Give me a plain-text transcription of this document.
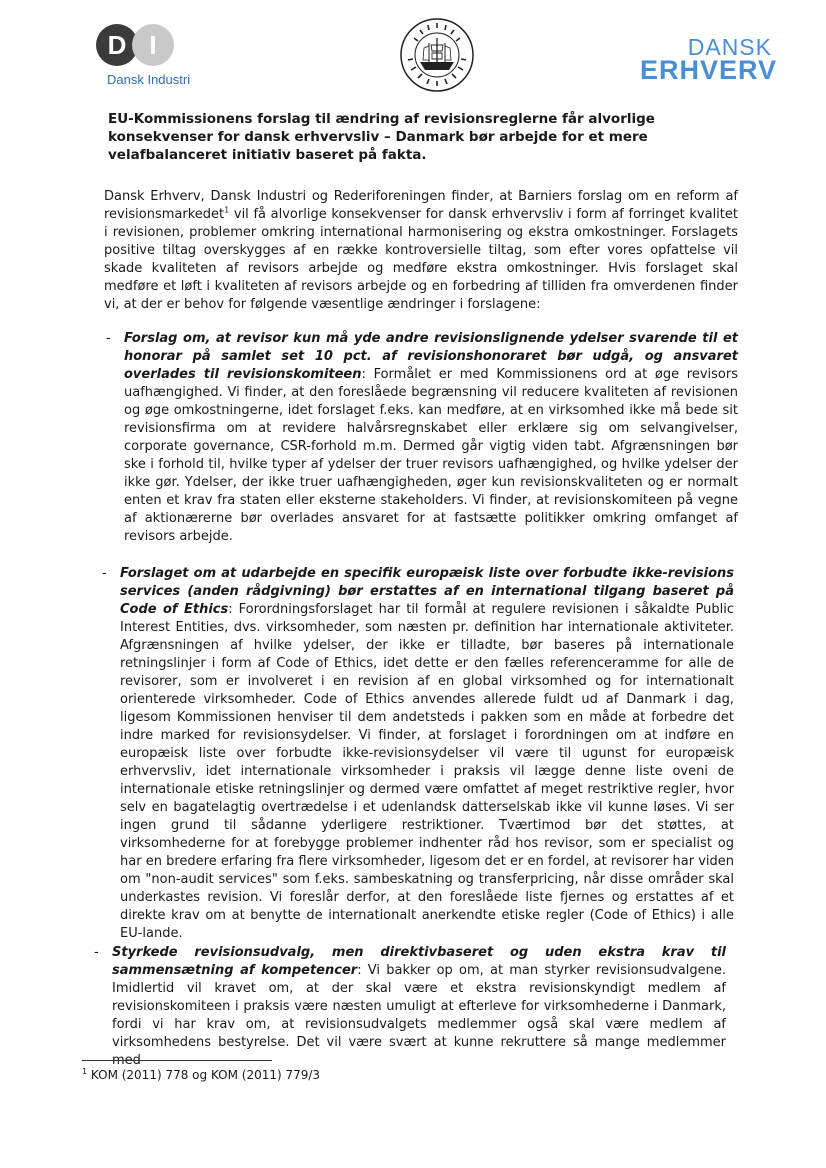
D I
Dansk Industri
DANSK
ERHVERV
EU-Kommissionens forslag til ændring af revisionsreglerne får alvorlige konsekvenser for dansk erhvervsliv – Danmark bør arbejde for et mere velafbalanceret initiativ baseret på fakta.
Dansk Erhverv, Dansk Industri og Rederiforeningen finder, at Barniers forslag om en reform af revisionsmarkedet$^1$ vil få alvorlige konsekvenser for dansk erhvervsliv i form af forringet kvalitet i revisionen, problemer omkring international harmonisering og ekstra omkostninger. Forslagets positive tiltag overskygges af en række kontroversielle tiltag, som efter vores opfattelse vil skade kvaliteten af revisors arbejde og medføre ekstra omkostninger. Hvis forslaget skal medføre et løft i kvaliteten af revisors arbejde og en forbedring af tilliden fra omverdenen finder vi, at der er behov for følgende væsentlige ændringer i forslagene:
- Forslag om, at revisor kun må yde andre revisionslignende ydelser svarende til et honorar på samlet set 10 pct. af revisionshonoraret bør udgå, og ansvaret overlades til revisionskomiteen: Formålet er med Kommissionens ord at øge revisors uafhængighed. Vi finder, at den foreslåede begrænsning vil reducere kvaliteten af revisionen og øge omkostningerne, idet forslaget f.eks. kan medføre, at en virksomhed ikke må bede sit revisionsfirma om at revidere halvårsregnskabet eller erklære sig om selvangivelser, corporate governance, CSR-forhold m.m. Dermed går vigtig viden tabt. Afgrænsningen bør ske i forhold til, hvilke typer af ydelser der truer revisors uafhængighed, og hvilke ydelser der ikke gør. Ydelser, der ikke truer uafhængigheden, øger kun revisionskvaliteten og er normalt enten et krav fra staten eller eksterne stakeholders. Vi finder, at revisionskomiteen på vegne af aktionærerne bør overlades ansvaret for at fastsætte politikker omkring omfanget af revisors arbejde.
- Forslaget om at udarbejde en specifik europæisk liste over forbudte ikke-revisions services (anden rådgivning) bør erstattes af en international tilgang baseret på Code of Ethics: Forordningsforslaget har til formål at regulere revisionen i såkaldte Public Interest Entities, dvs. virksomheder, som næsten pr. definition har internationale aktiviteter. Afgrænsningen af hvilke ydelser, der ikke er tilladte, bør baseres på internationale retningslinjer i form af Code of Ethics, idet dette er den fælles referenceramme for alle de revisorer, som er involveret i en revision af en global virksomhed og for internationalt orienterede virksomheder. Code of Ethics anvendes allerede fuldt ud af Danmark i dag, ligesom Kommissionen henviser til dem andetsteds i pakken som en måde at forbedre det indre marked for revisionsydelser. Vi finder, at forslaget i forordningen om at indføre en europæisk liste over forbudte ikke-revisionsydelser vil være til ugunst for europæisk erhvervsliv, idet internationale virksomheder i praksis vil lægge denne liste oveni de internationale etiske retningslinjer og dermed være omfattet af meget restriktive regler, hvor selv en bagatelagtig overtrædelse i et udenlandsk datterselskab ikke vil kunne løses. Vi ser ingen grund til sådanne yderligere restriktioner. Tværtimod bør det støttes, at virksomhederne for at forebygge problemer indhenter råd hos revisor, som er specialist og har en bredere erfaring fra flere virksomheder, ligesom det er en fordel, at revisorer har viden om "non-audit services" som f.eks. sambeskatning og transferpricing, når disse områder skal underkastes revision. Vi foreslår derfor, at den foreslåede liste fjernes og erstattes af et direkte krav om at benytte de internationalt anerkendte etiske regler (Code of Ethics) i alle EU-lande.
- Styrkede revisionsudvalg, men direktivbaseret og uden ekstra krav til sammensætning af kompetencer: Vi bakker op om, at man styrker revisionsudvalgene. Imidlertid vil kravet om, at der skal være et ekstra revisionskyndigt medlem af revisionskomiteen i praksis være næsten umuligt at efterleve for virksomhederne i Danmark, fordi vi har krav om, at revisionsudvalgets medlemmer også skal være medlem af virksomhedens bestyrelse. Det vil være svært at kunne rekruttere så mange medlemmer med
$^1$ KOM (2011) 778 og KOM (2011) 779/3
